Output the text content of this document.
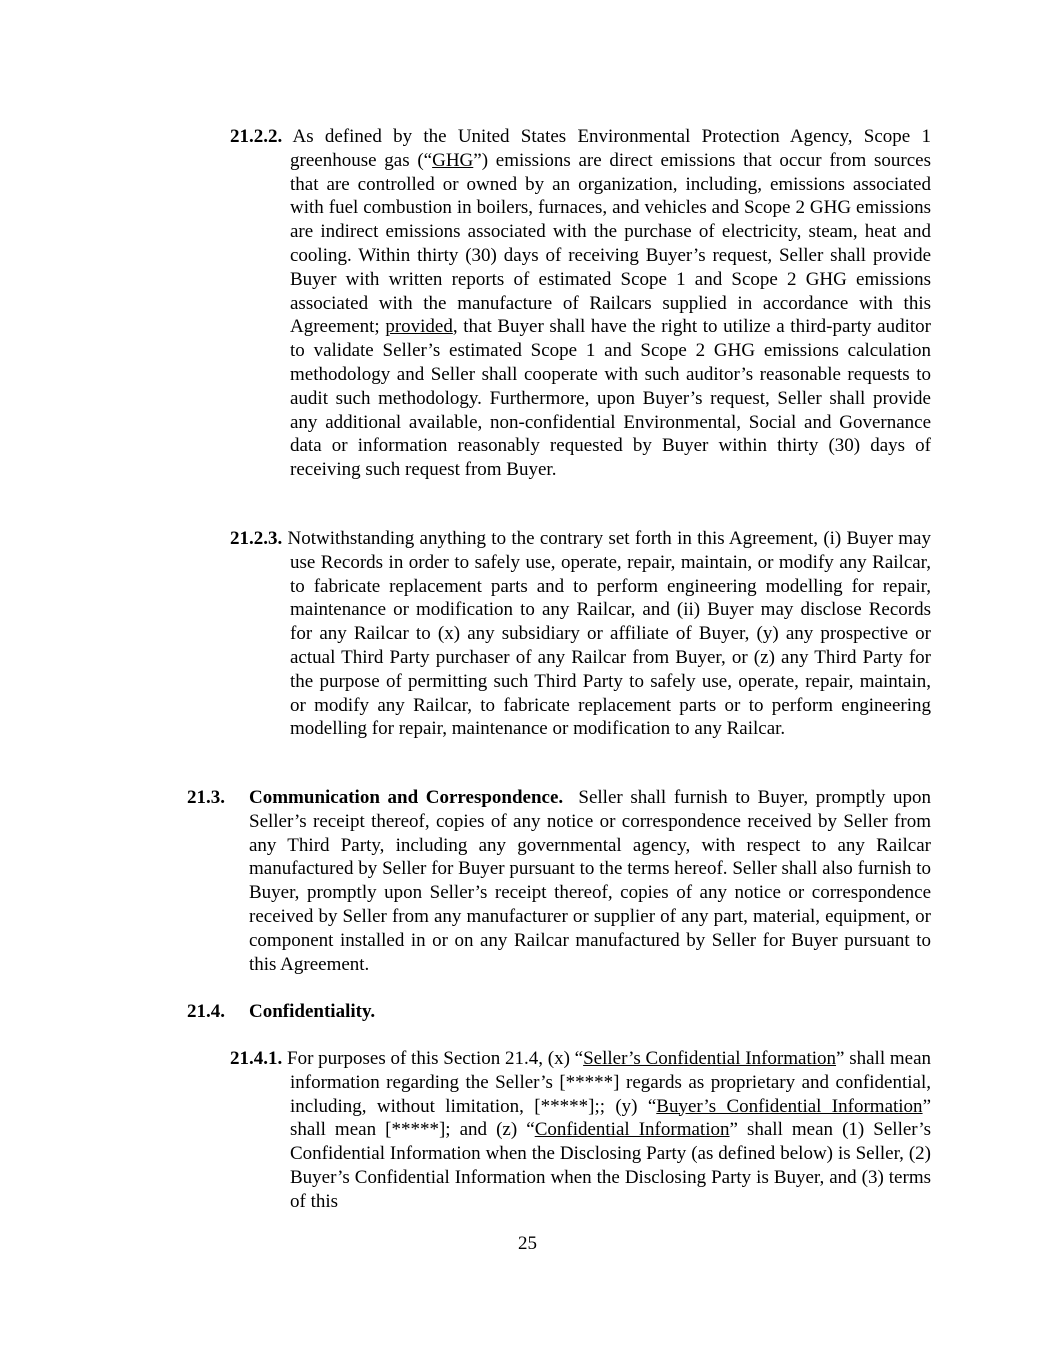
21.2.2. As defined by the United States Environmental Protection Agency, Scope 1 greenhouse gas (“GHG”) emissions are direct emissions that occur from sources that are controlled or owned by an organization, including, emissions associated with fuel combustion in boilers, furnaces, and vehicles and Scope 2 GHG emissions are indirect emissions associated with the purchase of electricity, steam, heat and cooling. Within thirty (30) days of receiving Buyer’s request, Seller shall provide Buyer with written reports of estimated Scope 1 and Scope 2 GHG emissions associated with the manufacture of Railcars supplied in accordance with this Agreement; provided, that Buyer shall have the right to utilize a third-party auditor to validate Seller’s estimated Scope 1 and Scope 2 GHG emissions calculation methodology and Seller shall cooperate with such auditor’s reasonable requests to audit such methodology. Furthermore, upon Buyer’s request, Seller shall provide any additional available, non-confidential Environmental, Social and Governance data or information reasonably requested by Buyer within thirty (30) days of receiving such request from Buyer.
21.2.3. Notwithstanding anything to the contrary set forth in this Agreement, (i) Buyer may use Records in order to safely use, operate, repair, maintain, or modify any Railcar, to fabricate replacement parts and to perform engineering modelling for repair, maintenance or modification to any Railcar, and (ii) Buyer may disclose Records for any Railcar to (x) any subsidiary or affiliate of Buyer, (y) any prospective or actual Third Party purchaser of any Railcar from Buyer, or (z) any Third Party for the purpose of permitting such Third Party to safely use, operate, repair, maintain, or modify any Railcar, to fabricate replacement parts or to perform engineering modelling for repair, maintenance or modification to any Railcar.
21.3. Communication and Correspondence. Seller shall furnish to Buyer, promptly upon Seller’s receipt thereof, copies of any notice or correspondence received by Seller from any Third Party, including any governmental agency, with respect to any Railcar manufactured by Seller for Buyer pursuant to the terms hereof. Seller shall also furnish to Buyer, promptly upon Seller’s receipt thereof, copies of any notice or correspondence received by Seller from any manufacturer or supplier of any part, material, equipment, or component installed in or on any Railcar manufactured by Seller for Buyer pursuant to this Agreement.
21.4. Confidentiality.
21.4.1. For purposes of this Section 21.4, (x) “Seller’s Confidential Information” shall mean information regarding the Seller’s [*****] regards as proprietary and confidential, including, without limitation, [*****];; (y) “Buyer’s Confidential Information” shall mean [*****]; and (z) “Confidential Information” shall mean (1) Seller’s Confidential Information when the Disclosing Party (as defined below) is Seller, (2) Buyer’s Confidential Information when the Disclosing Party is Buyer, and (3) terms of this
25
